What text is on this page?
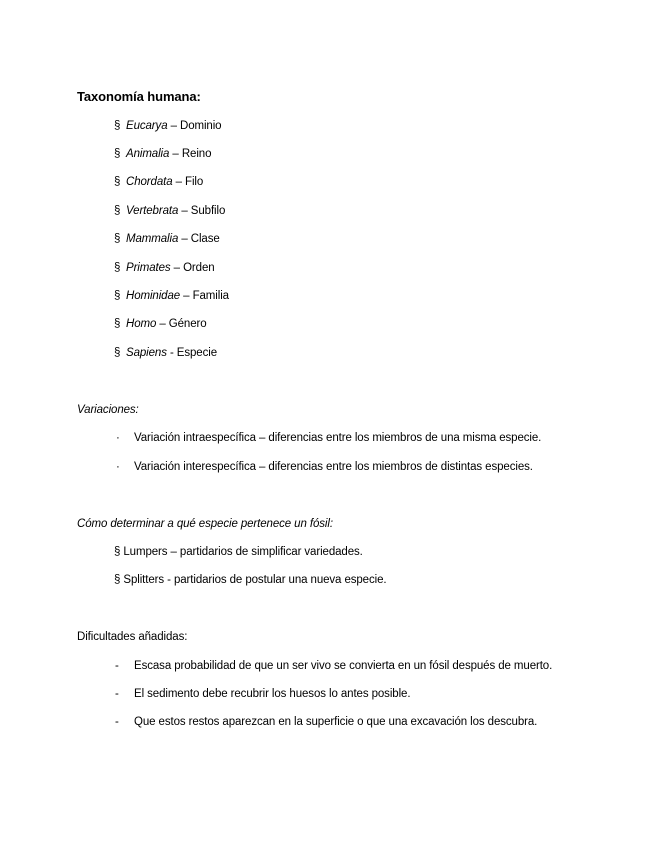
Taxonomía humana:
§ Eucarya – Dominio
§ Animalia – Reino
§ Chordata – Filo
§ Vertebrata – Subfilo
§ Mammalia – Clase
§ Primates – Orden
§ Hominidae – Familia
§ Homo – Género
§ Sapiens - Especie
Variaciones:
· Variación intraespecífica – diferencias entre los miembros de una misma especie.
· Variación interespecífica – diferencias entre los miembros de distintas especies.
Cómo determinar a qué especie pertenece un fósil:
§ Lumpers – partidarios de simplificar variedades.
§ Splitters - partidarios de postular una nueva especie.
Dificultades añadidas:
- Escasa probabilidad de que un ser vivo se convierta en un fósil después de muerto.
- El sedimento debe recubrir los huesos lo antes posible.
- Que estos restos aparezcan en la superficie o que una excavación los descubra.
